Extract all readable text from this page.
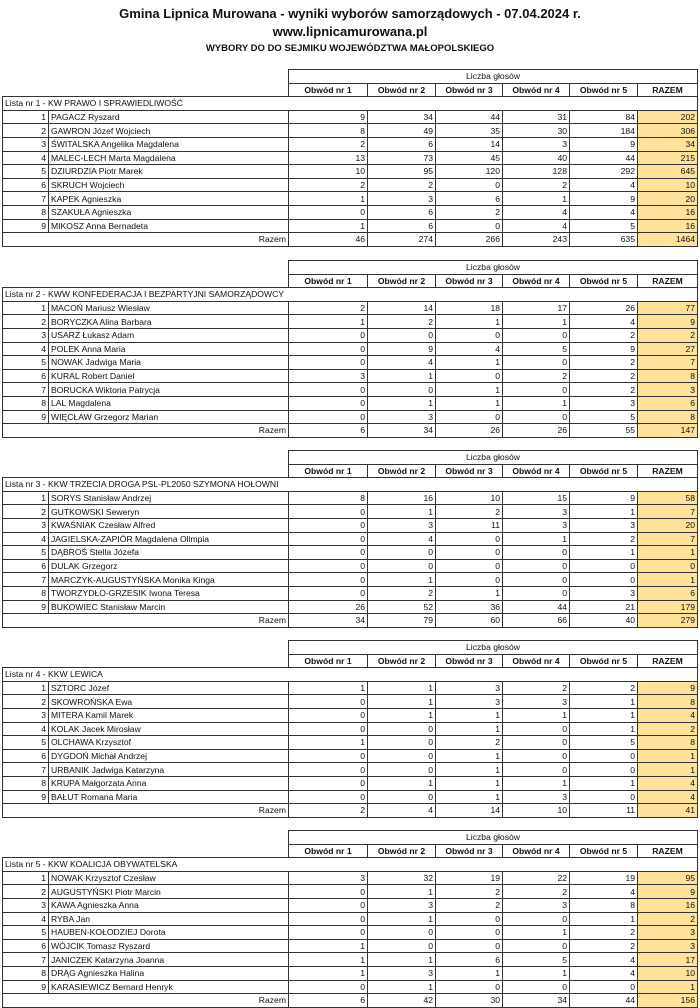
Gmina Lipnica Murowana - wyniki wyborów samorządowych - 07.04.2024 r.
www.lipnicamurowana.pl
WYBORY DO DO SEJMIKU WOJEWÓDZTWA MAŁOPOLSKIEGO
		Liczba głosów					
		Obwód nr 1	Obwód nr 2	Obwód nr 3	Obwód nr 4	Obwód nr 5	RAZEM
Lista nr 1 - KW PRAWO I SPRAWIEDLIWOŚĆ							
1	PAGACZ Ryszard	9	34	44	31	84	202
2	GAWRON Józef Wojciech	8	49	35	30	184	306
3	ŚWITALSKA Angelika Magdalena	2	6	14	3	9	34
4	MALEC-LECH Marta Magdalena	13	73	45	40	44	215
5	DZIURDZIA Piotr Marek	10	95	120	128	292	645
6	SKRUCH Wojciech	2	2	0	2	4	10
7	KAPEK Agnieszka	1	3	6	1	9	20
8	SZAKUŁA Agnieszka	0	6	2	4	4	16
9	MIKOSZ Anna Bernadeta	1	6	0	4	5	16
Razem		46	274	266	243	635	1464
		Liczba głosów					
		Obwód nr 1	Obwód nr 2	Obwód nr 3	Obwód nr 4	Obwód nr 5	RAZEM
Lista nr 2 - KWW KONFEDERACJA I BEZPARTYJNI SAMORZĄDOWCY							
1	MACOŃ Mariusz Wiesław	2	14	18	17	26	77
2	BORYCZKA Alina Barbara	1	2	1	1	4	9
3	USARZ Łukasz Adam	0	0	0	0	2	2
4	POLEK Anna Maria	0	9	4	5	9	27
5	NOWAK Jadwiga Maria	0	4	1	0	2	7
6	KURAL Robert Daniel	3	1	0	2	2	8
7	BORUCKA Wiktoria Patrycja	0	0	1	0	2	3
8	LAL Magdalena	0	1	1	1	3	6
9	WIĘCŁAW Grzegorz Marian	0	3	0	0	5	8
Razem		6	34	26	26	55	147
		Liczba głosów					
		Obwód nr 1	Obwód nr 2	Obwód nr 3	Obwód nr 4	Obwód nr 5	RAZEM
Lista nr 3 - KKW TRZECIA DROGA PSL-PL2050 SZYMONA HOŁOWNI							
1	SORYS Stanisław Andrzej	8	16	10	15	9	58
2	GUTKOWSKI Seweryn	0	1	2	3	1	7
3	KWAŚNIAK Czesław Alfred	0	3	11	3	3	20
4	JAGIELSKA-ZAPIÓR Magdalena Olimpia	0	4	0	1	2	7
5	DĄBROŚ Stella Józefa	0	0	0	0	1	1
6	DULAK Grzegorz	0	0	0	0	0	0
7	MARCZYK-AUGUSTYŃSKA Monika Kinga	0	1	0	0	0	1
8	TWORZYDŁO-GRZESIK Iwona Teresa	0	2	1	0	3	6
9	BUKOWIEC Stanisław Marcin	26	52	36	44	21	179
Razem		34	79	60	66	40	279
		Liczba głosów					
		Obwód nr 1	Obwód nr 2	Obwód nr 3	Obwód nr 4	Obwód nr 5	RAZEM
Lista nr 4 - KKW LEWICA							
1	SZTORC Józef	1	1	3	2	2	9
2	SKOWROŃSKA Ewa	0	1	3	3	1	8
3	MITERA Kamil Marek	0	1	1	1	1	4
4	KOLAK Jacek Mirosław	0	0	1	0	1	2
5	OLCHAWA Krzysztof	1	0	2	0	5	8
6	DYGDOŃ Michał Andrzej	0	0	1	0	0	1
7	URBANIK Jadwiga Katarzyna	0	0	1	0	0	1
8	KRUPA Małgorzata Anna	0	1	1	1	1	4
9	BAŁUT Romana Maria	0	0	1	3	0	4
Razem		2	4	14	10	11	41
		Liczba głosów					
		Obwód nr 1	Obwód nr 2	Obwód nr 3	Obwód nr 4	Obwód nr 5	RAZEM
Lista nr 5 - KKW KOALICJA OBYWATELSKA							
1	NOWAK Krzysztof Czesław	3	32	19	22	19	95
2	AUGUSTYŃSKI Piotr Marcin	0	1	2	2	4	9
3	KAWA Agnieszka Anna	0	3	2	3	8	16
4	RYBA Jan	0	1	0	0	1	2
5	HAUBEN-KOŁODZIEJ Dorota	0	0	0	1	2	3
6	WÓJCIK Tomasz Ryszard	1	0	0	0	2	3
7	JANICZEK Katarzyna Joanna	1	1	6	5	4	17
8	DRĄG Agnieszka Halina	1	3	1	1	4	10
9	KARASIEWICZ Bernard Henryk	0	1	0	0	0	1
Razem		6	42	30	34	44	156
